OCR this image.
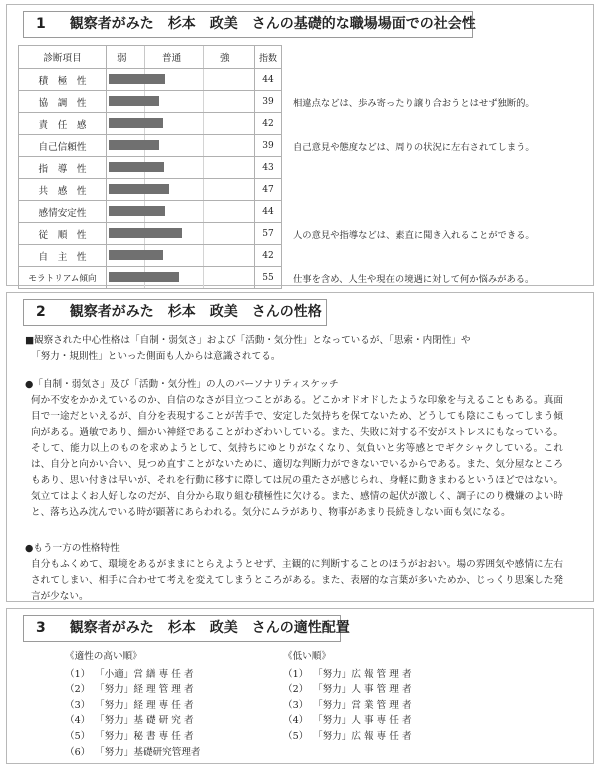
1 観察者がみた　杉本　政美　さんの基礎的な職場場面での社会性
診断項目	弱 普通 強	指数
積　極　性		44
協　調　性		39
責　任　感		42
自己信頼性		39
指　導　性		43
共　感　性		47
感情安定性		44
従　順　性		57
自　主　性		42
モラトリアム傾向		55
相違点などは、歩み寄ったり譲り合おうとはせず独断的。
自己意見や態度などは、周りの状況に左右されてしまう。
人の意見や指導などは、素直に聞き入れることができる。
仕事を含め、人生や現在の境遇に対して何か悩みがある。
2 観察者がみた　杉本　政美　さんの性格
■観察された中心性格は「自制・弱気さ」および「活動・気分性」となっているが、「思索・内閉性」や
「努力・規則性」といった側面も人からは意識されてる。
●「自制・弱気さ」及び「活動・気分性」の人のパーソナリティスケッチ
何か不安をかかえているのか、自信のなさが目立つことがある。どこかオドオドしたような印象を与えることもある。真面目で一途だといえるが、自分を表現することが苦手で、安定した気持ちを保てないため、どうしても陰にこもってしまう傾向がある。過敏であり、細かい神経であることがわざわいしている。また、失敗に対する不安がストレスにもなっている。そして、能力以上のものを求めようとして、気持ちにゆとりがなくなり、気負いと劣等感とでギクシャクしている。これは、自分と向かい合い、見つめ直すことがないために、適切な判断力ができないでいるからである。また、気分屋なところもあり、思い付きは早いが、それを行動に移すに際しては尻の重たさが感じられ、身軽に動きまわるというほどではない。気立てはよくお人好しなのだが、自分から取り組む積極性に欠ける。また、感情の起伏が激しく、調子にのり機嫌のよい時と、落ち込み沈んでいる時が顕著にあらわれる。気分にムラがあり、物事があまり長続きしない面も気になる。
●もう一方の性格特性
自分もふくめて、環境をあるがままにとらえようとせず、主観的に判断することのほうがおおい。場の雰囲気や感情に左右されてしまい、相手に合わせて考えを変えてしまうところがある。また、表層的な言葉が多いためか、じっくり思案した発言が少ない。
3 観察者がみた　杉本　政美　さんの適性配置
《適性の高い順》
（1） 「小適」営 繕 専 任 者
（2） 「努力」経 理 管 理 者
（3） 「努力」経 理 専 任 者
（4） 「努力」基 礎 研 究 者
（5） 「努力」秘 書 専 任 者
（6） 「努力」基礎研究管理者
《低い順》
（1） 「努力」広 報 管 理 者
（2） 「努力」人 事 管 理 者
（3） 「努力」営 業 管 理 者
（4） 「努力」人 事 専 任 者
（5） 「努力」広 報 専 任 者
